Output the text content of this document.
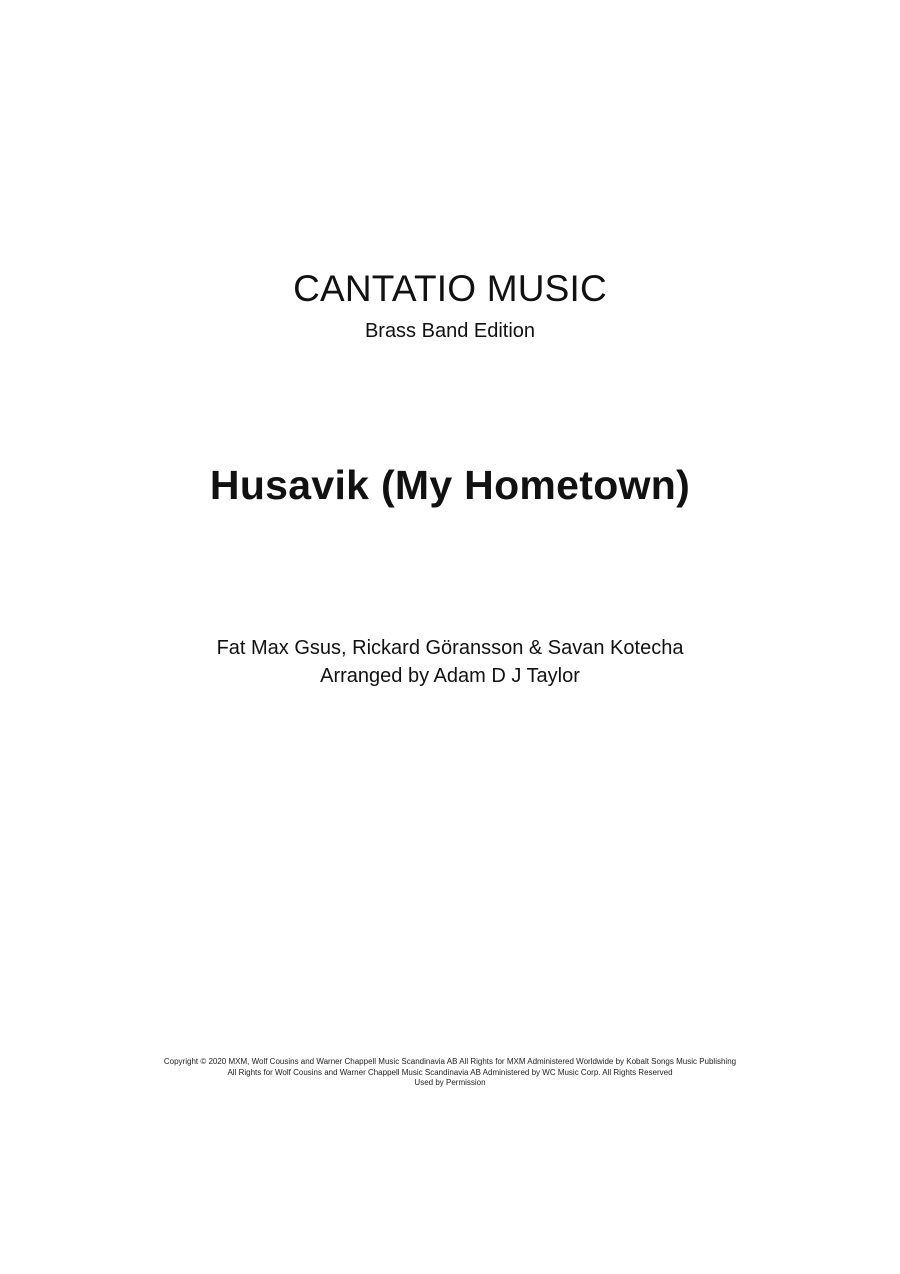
CANTATIO MUSIC
Brass Band Edition
Husavik (My Hometown)
Fat Max Gsus, Rickard Göransson & Savan Kotecha
Arranged by Adam D J Taylor
Copyright © 2020 MXM, Wolf Cousins and Warner Chappell Music Scandinavia AB All Rights for MXM Administered Worldwide by Kobalt Songs Music Publishing
All Rights for Wolf Cousins and Warner Chappell Music Scandinavia AB Administered by WC Music Corp. All Rights Reserved
Used by Permission
